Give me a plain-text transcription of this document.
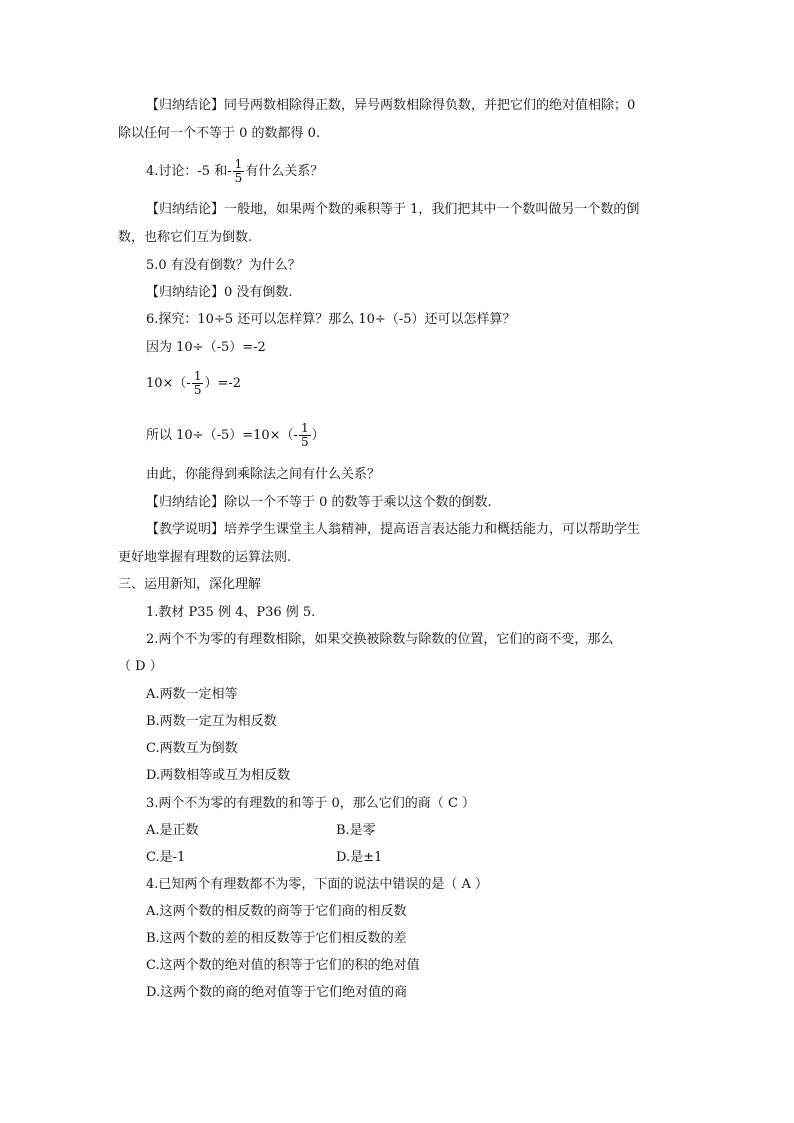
【归纳结论】同号两数相除得正数，异号两数相除得负数，并把它们的绝对值相除；0
除以任何一个不等于 0 的数都得 0.
4.讨论：-5 和- $\frac{1}{5}$ 有什么关系？
【归纳结论】一般地，如果两个数的乘积等于 1，我们把其中一个数叫做另一个数的倒
数，也称它们互为倒数.
5.0 有没有倒数？为什么？
【归纳结论】0 没有倒数.
6.探究：10÷5 还可以怎样算？那么 10÷（-5）还可以怎样算？
因为 10÷（-5）=-2
$10\times(- \frac{1}{5} )=-2$
所以 $10\div(-5)=10\times(- \frac{1}{5}$ ）
由此，你能得到乘除法之间有什么关系？
【归纳结论】除以一个不等于 0 的数等于乘以这个数的倒数.
【教学说明】培养学生课堂主人翁精神，提高语言表达能力和概括能力，可以帮助学生
更好地掌握有理数的运算法则.
三、运用新知，深化理解
1.教材 P35 例 4、P36 例 5.
2.两个不为零的有理数相除，如果交换被除数与除数的位置，它们的商不变，那么
（ D ）
A.两数一定相等
B.两数一定互为相反数
C.两数互为倒数
D.两数相等或互为相反数
3.两个不为零的有理数的和等于 0，那么它们的商（ C ）
A.是正数	B.是零
C.是-1	D.是±1
4.已知两个有理数都不为零，下面的说法中错误的是（ A ）
A.这两个数的相反数的商等于它们商的相反数
B.这两个数的差的相反数等于它们相反数的差
C.这两个数的绝对值的积等于它们的积的绝对值
D.这两个数的商的绝对值等于它们绝对值的商
